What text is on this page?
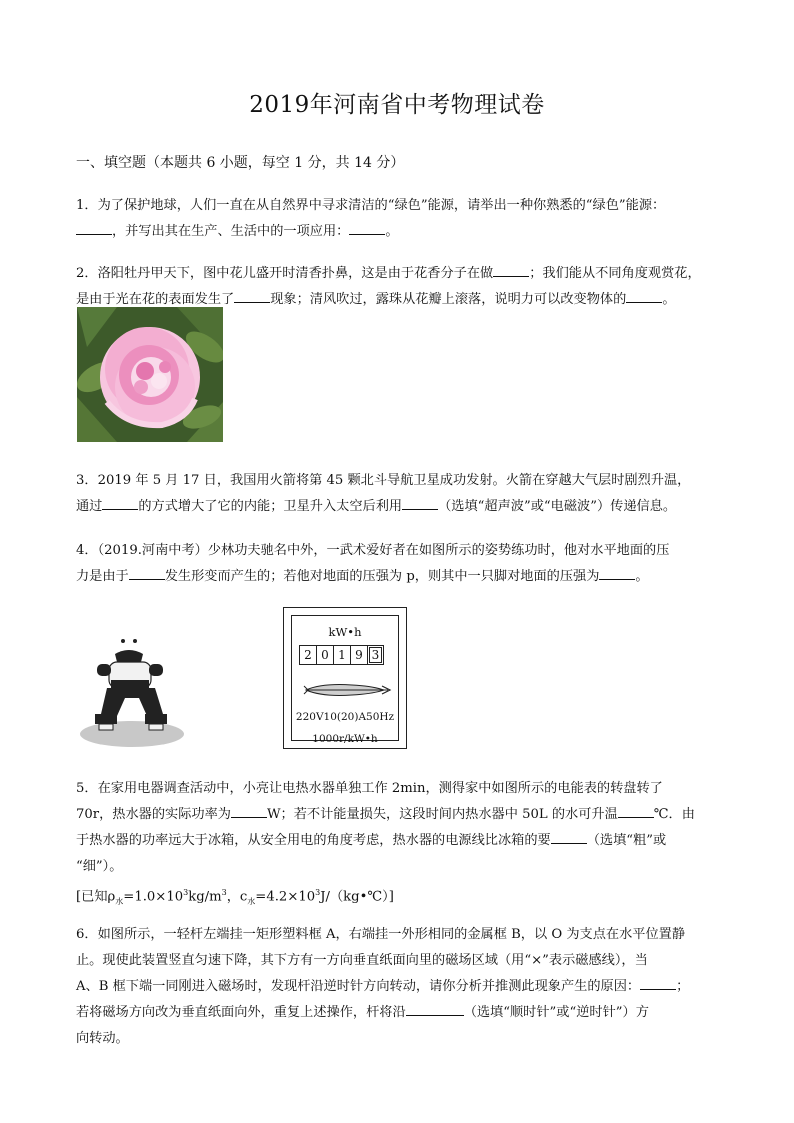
2019年河南省中考物理试卷
一、填空题（本题共 6 小题，每空 1 分，共 14 分）
1．为了保护地球，人们一直在从自然界中寻求清洁的“绿色”能源，请举出一种你熟悉的“绿色”能源：
，并写出其在生产、生活中的一项应用：	。
2．洛阳牡丹甲天下，图中花儿盛开时清香扑鼻，这是由于花香分子在做	；我们能从不同角度观赏花，
是由于光在花的表面发生了	现象；清风吹过，露珠从花瓣上滚落，说明力可以改变物体的	。
3．2019 年 5 月 17 日，我国用火箭将第 45 颗北斗导航卫星成功发射。火箭在穿越大气层时剧烈升温，
通过	的方式增大了它的内能；卫星升入太空后利用	（选填“超声波”或“电磁波”）传递信息。
4．（2019.河南中考）少林功夫驰名中外，一武术爱好者在如图所示的姿势练功时，他对水平地面的压
力是由于	发生形变而产生的；若他对地面的压强为 p，则其中一只脚对地面的压强为	。
kW•h
2 0 1 9 3
220V10(20)A50Hz
1000r/kW•h
5．在家用电器调查活动中，小亮让电热水器单独工作 2min，测得家中如图所示的电能表的转盘转了
70r，热水器的实际功率为	W；若不计能量损失，这段时间内热水器中 50L 的水可升温	℃．由
于热水器的功率远大于冰箱，从安全用电的角度考虑，热水器的电源线比冰箱的要	（选填“粗”或
“细”）。
[已知$\rho_水=1.0\times 10^3kg/m^3$，$c_水=4.2\times 10^3J/(kg•℃)$]
6．如图所示，一轻杆左端挂一矩形塑料框 A，右端挂一外形相同的金属框 B，以 O 为支点在水平位置静
止。现使此装置竖直匀速下降，其下方有一方向垂直纸面向里的磁场区域（用“×”表示磁感线），当
A、B 框下端一同刚进入磁场时，发现杆沿逆时针方向转动，请你分析并推测此现象产生的原因：	；
若将磁场方向改为垂直纸面向外，重复上述操作，杆将沿	（选填“顺时针”或“逆时针”）方
向转动。
